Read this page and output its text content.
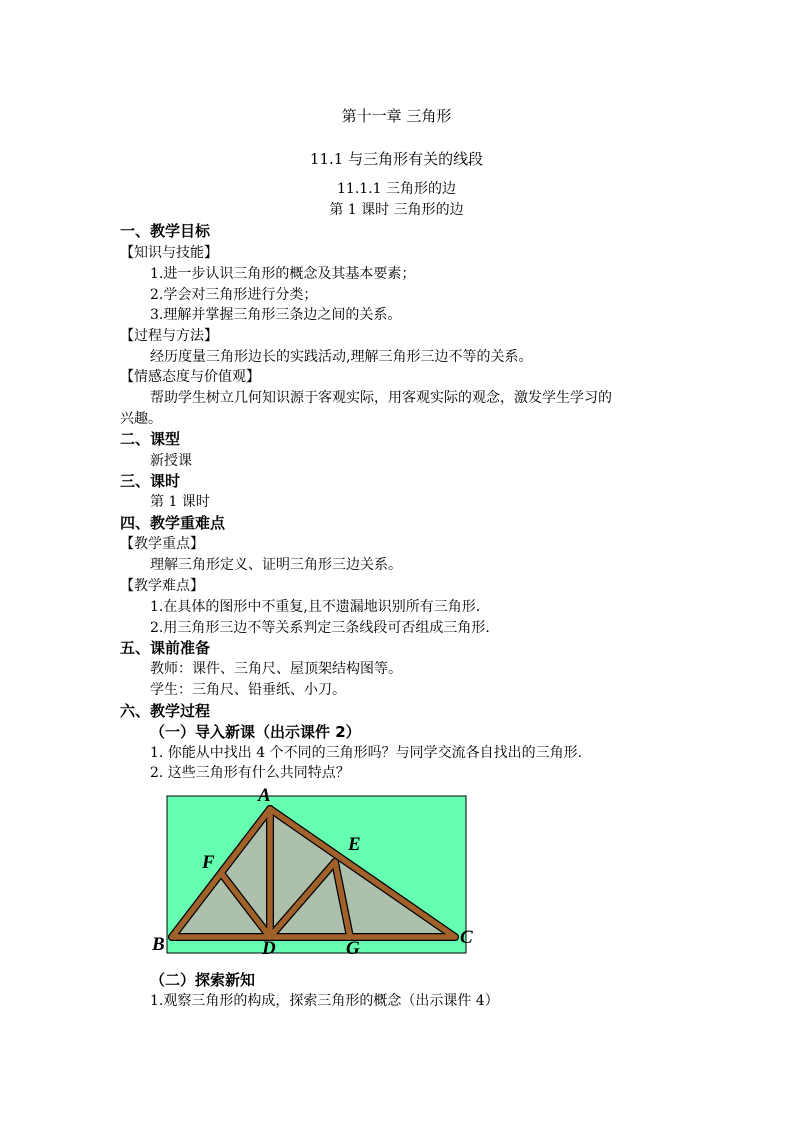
第十一章 三角形
11.1 与三角形有关的线段
11.1.1 三角形的边
第 1 课时 三角形的边
一、教学目标
【知识与技能】
1.进一步认识三角形的概念及其基本要素；
2.学会对三角形进行分类；
3.理解并掌握三角形三条边之间的关系。
【过程与方法】
经历度量三角形边长的实践活动,理解三角形三边不等的关系。
【情感态度与价值观】
帮助学生树立几何知识源于客观实际，用客观实际的观念，激发学生学习的
兴趣。
二、课型
新授课
三、课时
第 1 课时
四、教学重难点
【教学重点】
理解三角形定义、证明三角形三边关系。
【教学难点】
1.在具体的图形中不重复,且不遗漏地识别所有三角形.
2.用三角形三边不等关系判定三条线段可否组成三角形.
五、课前准备
教师：课件、三角尺、屋顶架结构图等。
学生：三角尺、铅垂纸、小刀。
六、教学过程
（一）导入新课（出示课件 2）
1. 你能从中找出 4 个不同的三角形吗？与同学交流各自找出的三角形.
2. 这些三角形有什么共同特点？
A
B	C
D
E
F
G
（二）探索新知
1.观察三角形的构成，探索三角形的概念（出示课件 4）
